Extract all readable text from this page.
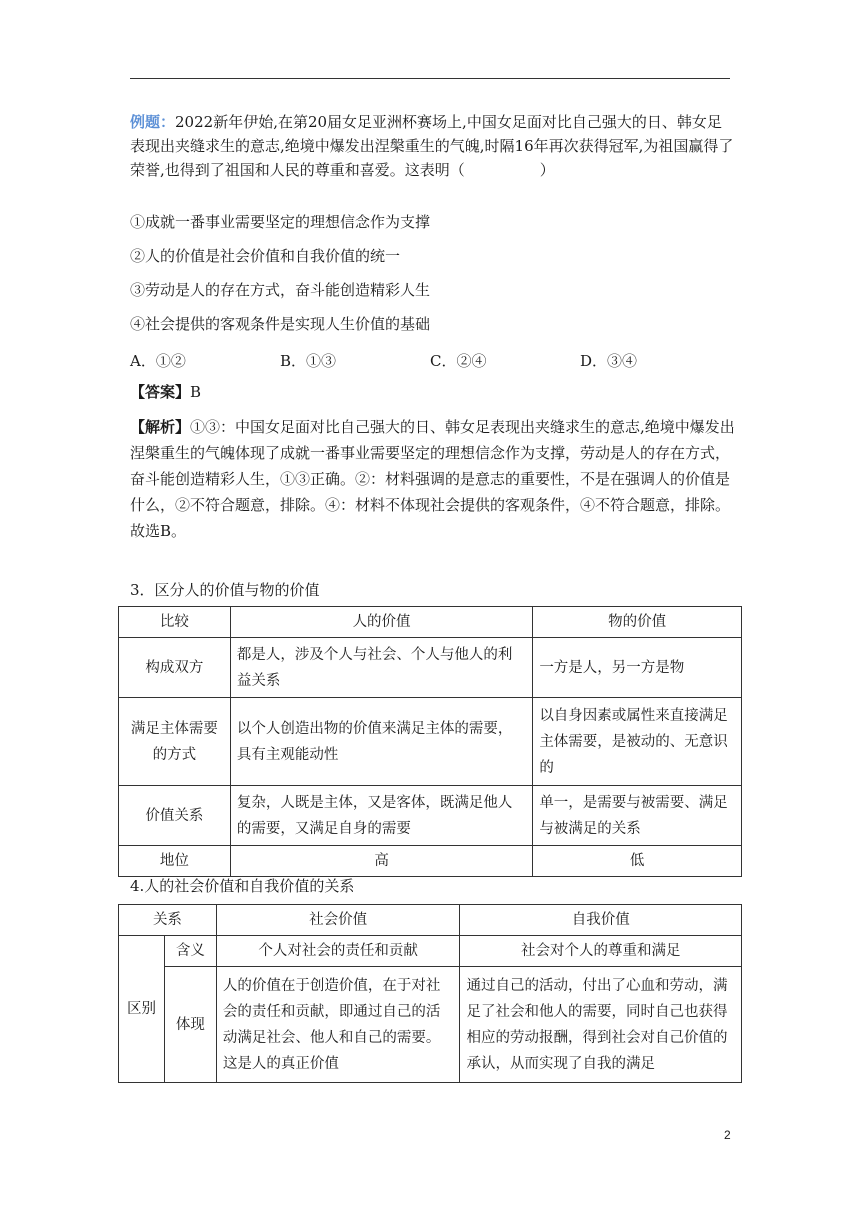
例题：2022新年伊始,在第20届女足亚洲杯赛场上,中国女足面对比自己强大的日、韩女足表现出夹缝求生的意志,绝境中爆发出涅槃重生的气魄,时隔16年再次获得冠军,为祖国赢得了荣誉,也得到了祖国和人民的尊重和喜爱。这表明（　　　　　）

①成就一番事业需要坚定的理想信念作为支撑

②人的价值是社会价值和自我价值的统一

③劳动是人的存在方式，奋斗能创造精彩人生

④社会提供的客观条件是实现人生价值的基础

A．①②	B．①③	C．②④	D．③④

【答案】B

【解析】①③：中国女足面对比自己强大的日、韩女足表现出夹缝求生的意志,绝境中爆发出涅槃重生的气魄体现了成就一番事业需要坚定的理想信念作为支撑，劳动是人的存在方式，奋斗能创造精彩人生，①③正确。②：材料强调的是意志的重要性，不是在强调人的价值是什么，②不符合题意，排除。④：材料不体现社会提供的客观条件，④不符合题意，排除。故选B。

3．区分人的价值与物的价值

比较	人的价值	物的价值
构成双方	都是人，涉及个人与社会、个人与他人的利益关系	一方是人，另一方是物
满足主体需要的方式	以个人创造出物的价值来满足主体的需要，具有主观能动性	以自身因素或属性来直接满足主体需要，是被动的、无意识的
价值关系	复杂，人既是主体，又是客体，既满足他人的需要，又满足自身的需要	单一，是需要与被需要、满足与被满足的关系
地位	高	低

4.人的社会价值和自我价值的关系

关系		社会价值	自我价值
区别	含义	个人对社会的责任和贡献	社会对个人的尊重和满足
	体现	人的价值在于创造价值，在于对社会的责任和贡献，即通过自己的活动满足社会、他人和自己的需要。这是人的真正价值	通过自己的活动，付出了心血和劳动，满足了社会和他人的需要，同时自己也获得相应的劳动报酬，得到社会对自己价值的承认，从而实现了自我的满足
2
